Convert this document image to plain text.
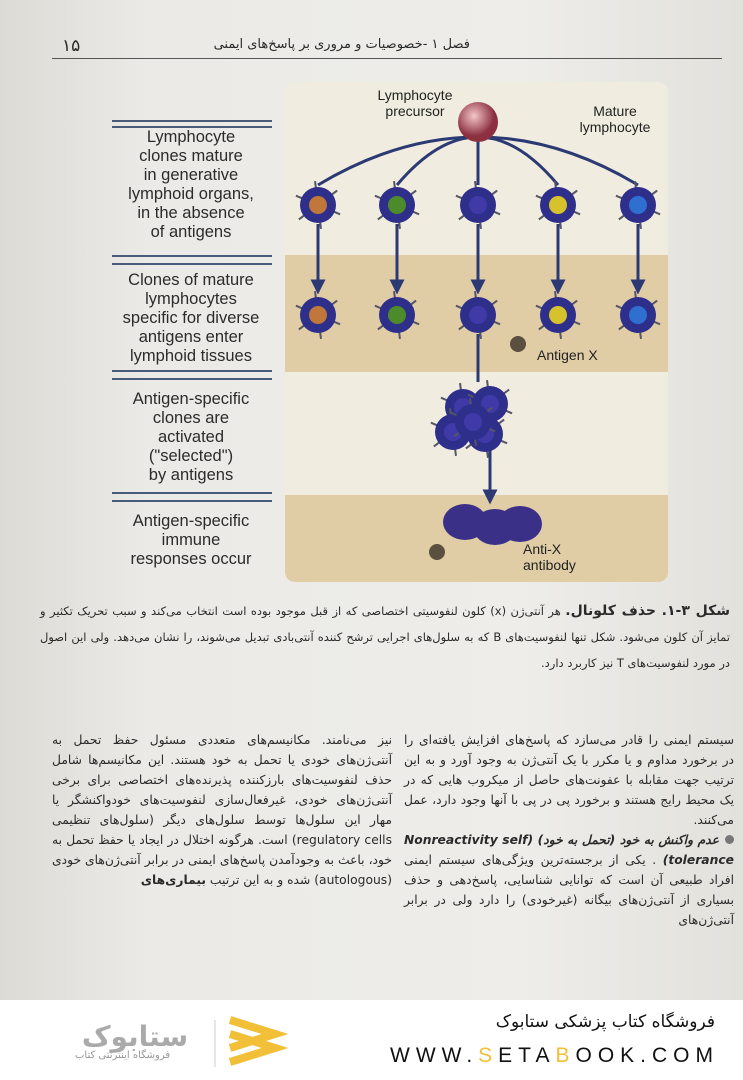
۱۵	فصل ۱ -خصوصیات و مروری بر پاسخ‌های ایمنی
Lymphocyte
clones mature
in generative
lymphoid organs,
in the absence
of antigens
Clones of mature
lymphocytes
specific for diverse
antigens enter
lymphoid tissues
Antigen-specific
clones are
activated
("selected")
by antigens
Antigen-specific
immune
responses occur
Lymphocyte precursor	Mature lymphocyte
Antigen X
Anti-X antibody
شکل ۳-۱. حذف کلونال. هر آنتی‌ژن (x) کلون لنفوسیتی اختصاصی که از قبل موجود بوده است انتخاب می‌کند و سبب تحریک تکثیر و تمایز آن کلون می‌شود. شکل تنها لنفوسیت‌های B که به سلول‌های اجرایی ترشح کننده آنتی‌بادی تبدیل می‌شوند، را نشان می‌دهد. ولی این اصول در مورد لنفوسیت‌های T نیز کاربرد دارد.

سیستم ایمنی را قادر می‌سازد که پاسخ‌های افزایش یافته‌ای را در برخورد مداوم و یا مکرر با یک آنتی‌ژن به وجود آورد و به این ترتیب جهت مقابله با عفونت‌های حاصل از میکروب هایی که در یک محیط رایج هستند و برخورد پی در پی با آنها وجود دارد، عمل می‌کنند.

عدم واکنش به خود (تحمل به خود) (Nonreactivity self tolerance) . یکی از برجسته‌ترین ویژگی‌های سیستم ایمنی افراد طبیعی آن است که توانایی شناسایی، پاسخ‌دهی و حذف بسیاری از آنتی‌ژن‌های بیگانه (غیرخودی) را دارد ولی در برابر آنتی‌ژن‌های

نیز می‌نامند. مکانیسم‌های متعددی مسئول حفظ تحمل به آنتی‌ژن‌های خودی یا تحمل به خود هستند. این مکانیسم‌ها شامل حذف لنفوسیت‌های بارزکننده پذیرنده‌های اختصاصی برای برخی آنتی‌ژن‌های خودی، غیرفعال‌سازی لنفوسیت‌های خودواکنشگر یا مهار این سلول‌ها توسط سلول‌های دیگر (سلول‌های تنظیمی regulatory cells) است. هرگونه اختلال در ایجاد یا حفظ تحمل به خود، باعث به وجودآمدن پاسخ‌های ایمنی در برابر آنتی‌ژن‌های خودی (autologous) شده و به این ترتیب بیماری‌های

ستابوک
فروشگاه اینترنتی کتاب
فروشگاه کتاب پزشکی ستابوک
WWW.SETABOOK.COM
